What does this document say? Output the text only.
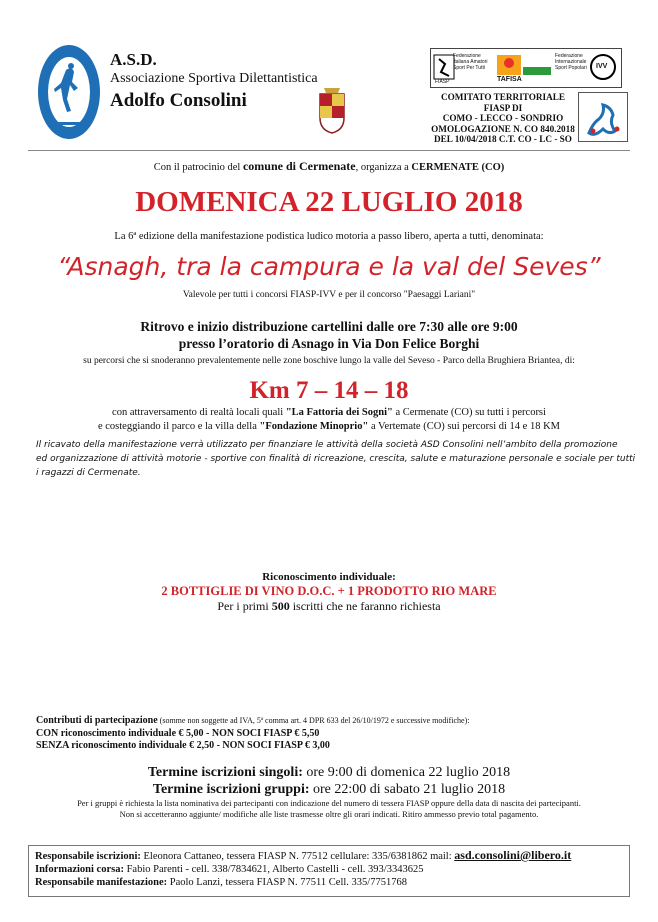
A.S.D.
Associazione Sportiva Dilettantistica
Adolfo Consolini
Federazione Italiana Amatori Sport Per Tutti
FIASP	TAFISA
Federazione Internazionale Sport Popolari	IVV
COMITATO TERRITORIALE FIASP DI
COMO - LECCO - SONDRIO
OMOLOGAZIONE N. CO 840.2018
DEL 10/04/2018 C.T. CO - LC - SO
Con il patrocinio del comune di Cermenate, organizza a CERMENATE (CO)
DOMENICA 22 LUGLIO 2018
La 6ª edizione della manifestazione podistica ludico motoria a passo libero, aperta a tutti, denominata:
“Asnagh, tra la campura e la val del Seves”
Valevole per tutti i concorsi FIASP-IVV e per il concorso "Paesaggi Lariani"
Ritrovo e inizio distribuzione cartellini dalle ore 7:30 alle ore 9:00
presso l’oratorio di Asnago in Via Don Felice Borghi
su percorsi che si snoderanno prevalentemente nelle zone boschive lungo la valle del Seveso - Parco della Brughiera Briantea, di:
Km 7 – 14 – 18
con attraversamento di realtà locali quali "La Fattoria dei Sogni" a Cermenate (CO) su tutti i percorsi
e costeggiando il parco e la villa della "Fondazione Minoprio" a Vertemate (CO) sui percorsi di 14 e 18 KM
Il ricavato della manifestazione verrà utilizzato per finanziare le attività della società ASD Consolini nell’ambito della promozione
ed organizzazione di attività motorie - sportive con finalità di ricreazione, crescita, salute e maturazione personale e sociale per tutti
i ragazzi di Cermenate.
Riconoscimento individuale:
2 BOTTIGLIE DI VINO D.O.C. + 1 PRODOTTO RIO MARE
Per i primi 500 iscritti che ne faranno richiesta
Contributi di partecipazione (somme non soggette ad IVA, 5ª comma art. 4 DPR 633 del 26/10/1972 e successive modifiche):
CON riconoscimento individuale € 5,00 - NON SOCI FIASP € 5,50
SENZA riconoscimento individuale € 2,50 - NON SOCI FIASP € 3,00
Termine iscrizioni singoli: ore 9:00 di domenica 22 luglio 2018
Termine iscrizioni gruppi: ore 22:00 di sabato 21 luglio 2018
Per i gruppi è richiesta la lista nominativa dei partecipanti con indicazione del numero di tessera FIASP oppure della data di nascita dei partecipanti.
Non si accetteranno aggiunte/ modifiche alle liste trasmesse oltre gli orari indicati. Ritiro ammesso previo total pagamento.
Responsabile iscrizioni: Eleonora Cattaneo, tessera FIASP N. 77512 cellulare: 335/6381862 mail: asd.consolini@libero.it
Informazioni corsa: Fabio Parenti - cell. 338/7834621, Alberto Castelli - cell. 393/3343625
Responsabile manifestazione: Paolo Lanzi, tessera FIASP N. 77511 Cell. 335/7751768
